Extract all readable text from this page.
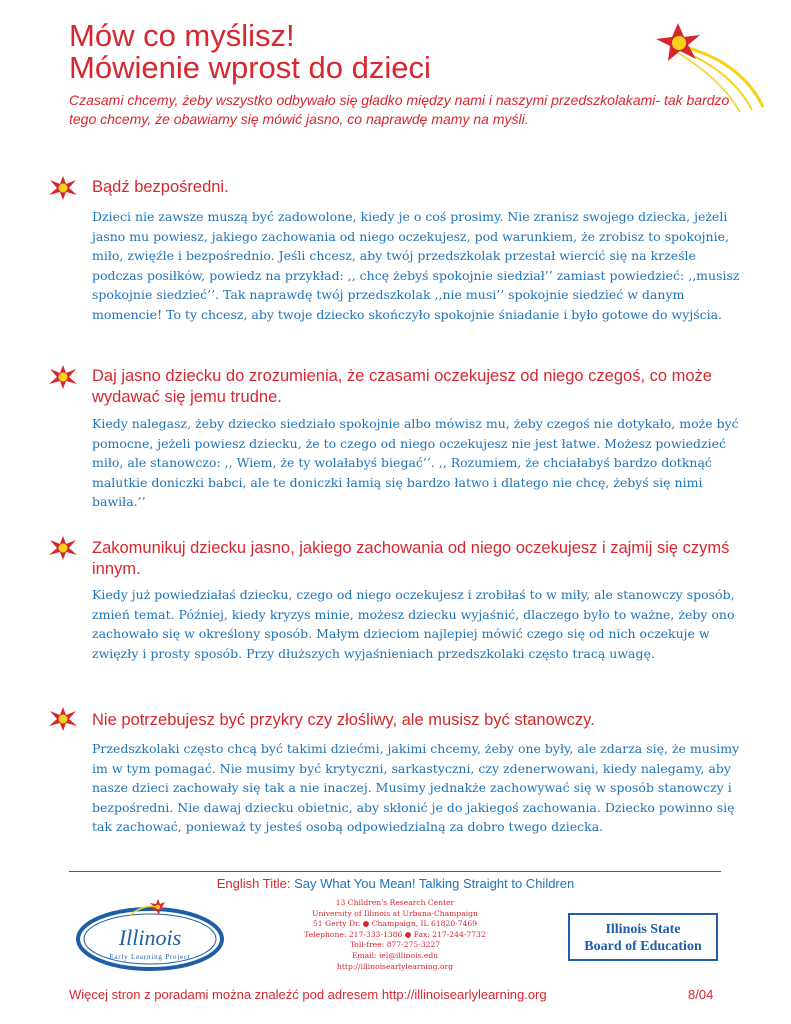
Mów co myślisz!
Mówienie wprost do dzieci

Czasami chcemy, żeby wszystko odbywało się gładko między nami i naszymi przedszkolakami- tak bardzo tego chcemy, że obawiamy się mówić jasno, co naprawdę mamy na myśli.

Bądź bezpośredni.

Dzieci nie zawsze muszą być zadowolone, kiedy je o coś prosimy. Nie zranisz swojego dziecka, jeżeli jasno mu powiesz, jakiego zachowania od niego oczekujesz, pod warunkiem, że zrobisz to spokojnie, miło, zwięźle i bezpośrednio. Jeśli chcesz, aby twój przedszkolak przestał wiercić się na krześle podczas posiłków, powiedz na przykład: ,, chcę żebyś spokojnie siedział’’ zamiast powiedzieć: ,,musisz spokojnie siedzieć’’. Tak naprawdę twój przedszkolak ,,nie musi’’ spokojnie siedzieć w danym momencie! To ty chcesz, aby twoje dziecko skończyło spokojnie śniadanie i było gotowe do wyjścia.

Daj jasno dziecku do zrozumienia, że czasami oczekujesz od niego czegoś, co może wydawać się jemu trudne.

Kiedy nalegasz, żeby dziecko siedziało spokojnie albo mówisz mu, żeby czegoś nie dotykało, może być pomocne, jeżeli powiesz dziecku, że to czego od niego oczekujesz nie jest łatwe. Możesz powiedzieć miło, ale stanowczo: ,, Wiem, że ty wolałabyś biegać’’. ,, Rozumiem, że chciałabyś bardzo dotknąć malutkie doniczki babci, ale te doniczki łamią się bardzo łatwo i dlatego nie chcę, żebyś się nimi bawiła.’’

Zakomunikuj dziecku jasno, jakiego zachowania od niego oczekujesz i zajmij się czymś innym.

Kiedy już powiedziałaś dziecku, czego od niego oczekujesz i zrobiłaś to w miły, ale stanowczy sposób, zmień temat. Później, kiedy kryzys minie, możesz dziecku wyjaśnić, dlaczego było to ważne, żeby ono zachowało się w określony sposób. Małym dzieciom najlepiej mówić czego się od nich oczekuje w zwięzły i prosty sposób. Przy dłuższych wyjaśnieniach przedszkolaki często tracą uwagę.

Nie potrzebujesz być przykry czy złośliwy, ale musisz być stanowczy.

Przedszkolaki często chcą być takimi dziećmi, jakimi chcemy, żeby one były, ale zdarza się, że musimy im w tym pomagać. Nie musimy być krytyczni, sarkastyczni, czy zdenerwowani, kiedy nalegamy, aby nasze dzieci zachowały się tak a nie inaczej. Musimy jednakże zachowywać się w sposób stanowczy i bezpośredni. Nie dawaj dziecku obietnic, aby skłonić je do jakiegoś zachowania. Dziecko powinno się tak zachować, ponieważ ty jesteś osobą odpowiedzialną za dobro twego dziecka.

English Title: Say What You Mean! Talking Straight to Children
Illinois
Early Learning Project
13 Children's Research Center
University of Illinois at Urbana-Champaign
51 Gerty Dr. ● Champaign, IL 61820-7469
Telephone: 217-333-1386 ● Fax: 217-244-7732
Toll-free: 877-275-3227
Email: iel@illinois.edu
http://illinoisearlylearning.org
Illinois State
Board of Education
Więcej stron z poradami można znaleźć pod adresem http://illinoisearlylearning.org	8/04
